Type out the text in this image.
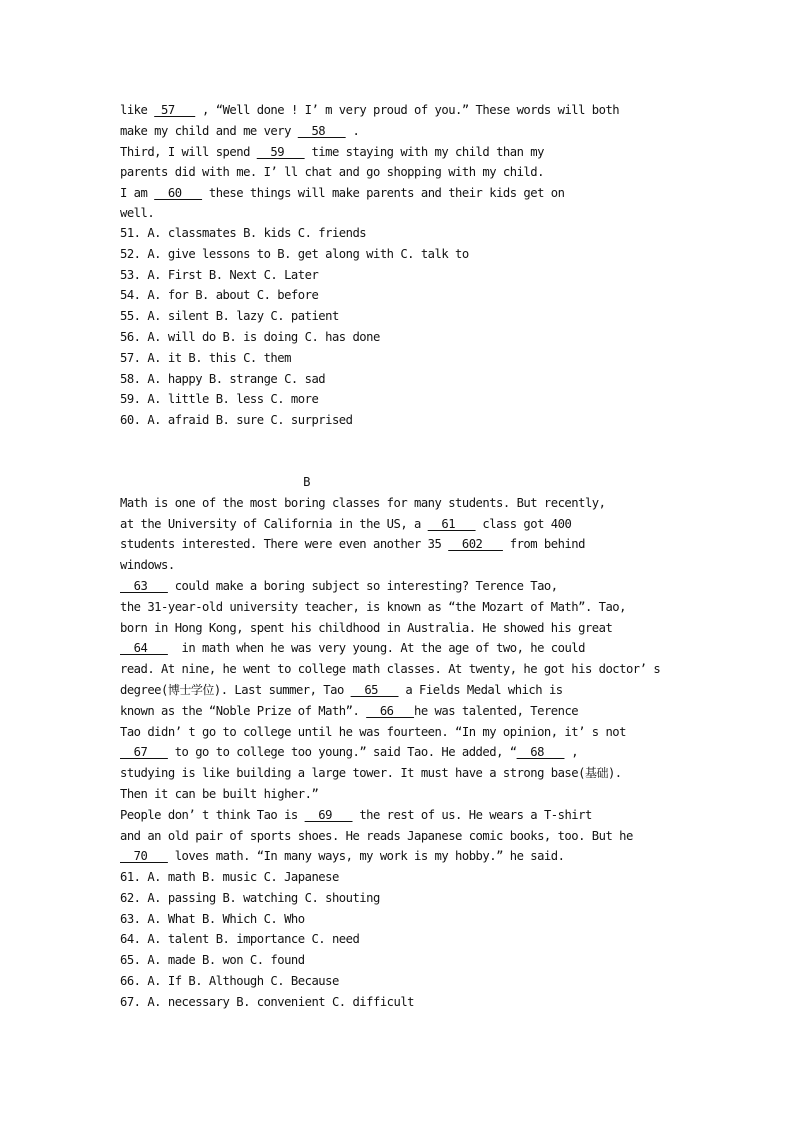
like  57    , “Well done ! I’ m very proud of you.” These words will both
make my child and me very   58    .
Third, I will spend   59    time staying with my child than my
parents did with me. I’ ll chat and go shopping with my child.
I am   60    these things will make parents and their kids get on
well.
51. A. classmates B. kids C. friends
52. A. give lessons to B. get along with C. talk to
53. A. First B. Next C. Later
54. A. for B. about C. before
55. A. silent B. lazy C. patient
56. A. will do B. is doing C. has done
57. A. it B. this C. them
58. A. happy B. strange C. sad
59. A. little B. less C. more
60. A. afraid B. sure C. surprised
B
Math is one of the most boring classes for many students. But recently,
at the University of California in the US, a   61    class got 400
students interested. There were even another 35   602    from behind
windows.
63    could make a boring subject so interesting? Terence Tao,
the 31-year-old university teacher, is known as “the Mozart of Math”. Tao,
born in Hong Kong, spent his childhood in Australia. He showed his great
64     in math when he was very young. At the age of two, he could
read. At nine, he went to college math classes. At twenty, he got his doctor’ s
degree(博士学位). Last summer, Tao   65    a Fields Medal which is
known as the “Noble Prize of Math”.   66   he was talented, Terence
Tao didn’ t go to college until he was fourteen. “In my opinion, it’ s not
67    to go to college too young.” said Tao. He added, “  68    ,
studying is like building a large tower. It must have a strong base(基础).
Then it can be built higher.”
People don’ t think Tao is   69    the rest of us. He wears a T-shirt
and an old pair of sports shoes. He reads Japanese comic books, too. But he
70    loves math. “In many ways, my work is my hobby.” he said.
61. A. math B. music C. Japanese
62. A. passing B. watching C. shouting
63. A. What B. Which C. Who
64. A. talent B. importance C. need
65. A. made B. won C. found
66. A. If B. Although C. Because
67. A. necessary B. convenient C. difficult
